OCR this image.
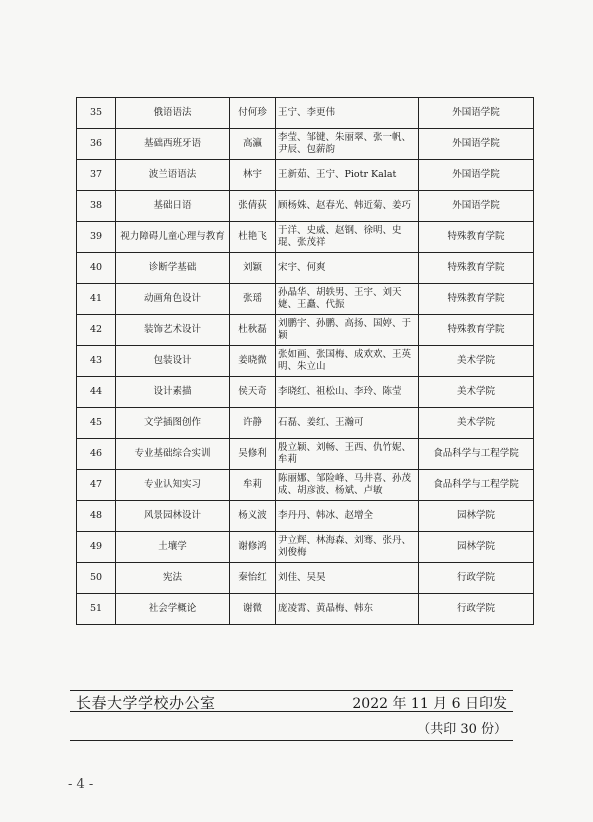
35	俄语语法	付何珍	王宁、李更伟	外国语学院
36	基础西班牙语	高瀛	李莹、邹键、朱丽翠、张一帆、尹辰、包薪韵	外国语学院
37	波兰语语法	林宇	王新茹、王宁、Piotr Kalat	外国语学院
38	基础日语	张倩荻	顾杨姝、赵春光、韩近菊、姜巧	外国语学院
39	视力障碍儿童心理与教育	杜艳飞	于洋、史威、赵钢、徐明、史琨、张茂祥	特殊教育学院
40	诊断学基础	刘颖	宋宇、何爽	特殊教育学院
41	动画角色设计	张瑶	孙晶华、胡轶男、王宇、刘天婕、王矗、代振	特殊教育学院
42	装饰艺术设计	杜秋磊	刘鹏宇、孙鹏、高扬、国婷、于颖	特殊教育学院
43	包装设计	姜晓微	张如画、张国梅、成欢欢、王英明、朱立山	美术学院
44	设计素描	侯天奇	李晓红、祖松山、李玲、陈莹	美术学院
45	文学插图创作	许静	石磊、姜红、王瀚可	美术学院
46	专业基础综合实训	吴修利	殷立颖、刘畅、王西、仇竹妮、牟莉	食品科学与工程学院
47	专业认知实习	牟莉	陈丽娜、邹险峰、马井喜、孙茂成、胡彦波、杨斌、卢敏	食品科学与工程学院
48	风景园林设计	杨义波	李丹丹、韩冰、赵增全	园林学院
49	土壤学	谢修鸿	尹立辉、林海森、刘骞、张丹、刘俊梅	园林学院
50	宪法	秦怡红	刘佳、吴昊	行政学院
51	社会学概论	谢微	庞凌霄、黄晶梅、韩东	行政学院
长春大学学校办公室	2022 年 11 月 6 日印发
（共印 30 份）
- 4 -
